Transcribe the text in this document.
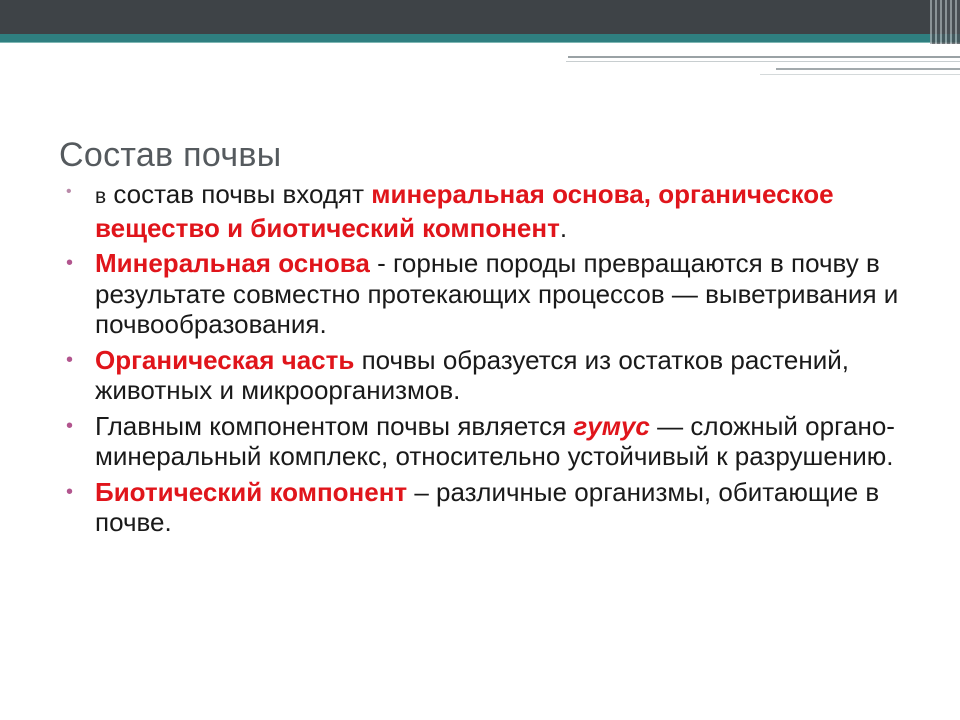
Состав почвы
• в состав почвы входят минеральная основа, органическое вещество и биотический компонент.
• Минеральная основа - горные породы превращаются в почву в результате совместно протекающих процессов — выветривания и почвообразования.
• Органическая часть почвы образуется из остатков растений, животных и микроорганизмов.
• Главным компонентом почвы является гумус — сложный органо-минеральный комплекс, относительно устойчивый к разрушению.
• Биотический компонент – различные организмы, обитающие в почве.
